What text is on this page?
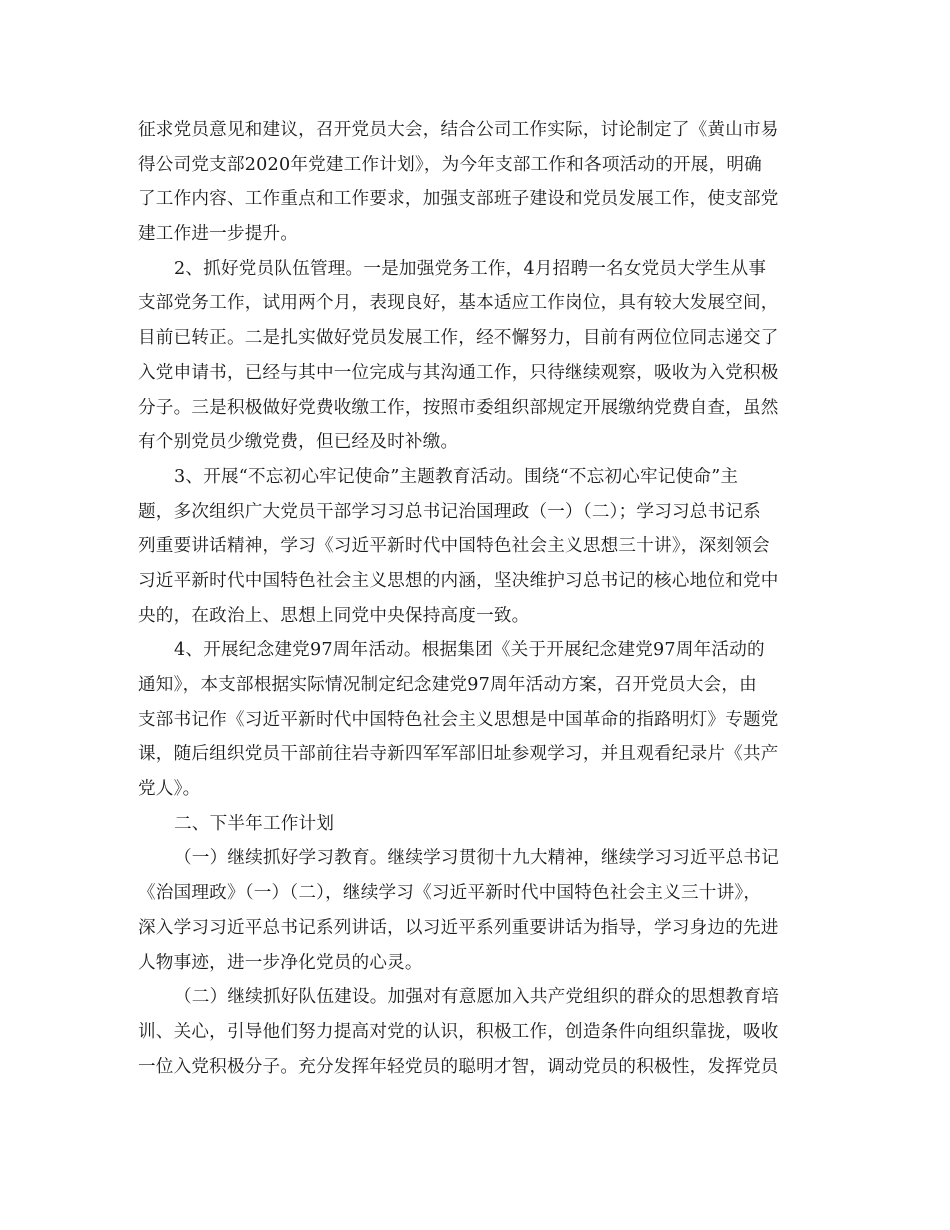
征求党员意见和建议，召开党员大会，结合公司工作实际，讨论制定了《黄山市易
得公司党支部2020年党建工作计划》，为今年支部工作和各项活动的开展，明确
了工作内容、工作重点和工作要求，加强支部班子建设和党员发展工作，使支部党
建工作进一步提升。
2、抓好党员队伍管理。一是加强党务工作，4月招聘一名女党员大学生从事
支部党务工作，试用两个月，表现良好，基本适应工作岗位，具有较大发展空间，
目前已转正。二是扎实做好党员发展工作，经不懈努力，目前有两位位同志递交了
入党申请书，已经与其中一位完成与其沟通工作，只待继续观察，吸收为入党积极
分子。三是积极做好党费收缴工作，按照市委组织部规定开展缴纳党费自查，虽然
有个别党员少缴党费，但已经及时补缴。
3、开展“不忘初心牢记使命”主题教育活动。围绕“不忘初心牢记使命”主
题，多次组织广大党员干部学习习总书记治国理政（一）（二）；学习习总书记系
列重要讲话精神，学习《习近平新时代中国特色社会主义思想三十讲》，深刻领会
习近平新时代中国特色社会主义思想的内涵，坚决维护习总书记的核心地位和党中
央的，在政治上、思想上同党中央保持高度一致。
4、开展纪念建党97周年活动。根据集团《关于开展纪念建党97周年活动的
通知》，本支部根据实际情况制定纪念建党97周年活动方案，召开党员大会，由
支部书记作《习近平新时代中国特色社会主义思想是中国革命的指路明灯》专题党
课，随后组织党员干部前往岩寺新四军军部旧址参观学习，并且观看纪录片《共产
党人》。
二、下半年工作计划
（一）继续抓好学习教育。继续学习贯彻十九大精神，继续学习习近平总书记
《治国理政》（一）（二），继续学习《习近平新时代中国特色社会主义三十讲》，
深入学习习近平总书记系列讲话，以习近平系列重要讲话为指导，学习身边的先进
人物事迹，进一步净化党员的心灵。
（二）继续抓好队伍建设。加强对有意愿加入共产党组织的群众的思想教育培
训、关心，引导他们努力提高对党的认识，积极工作，创造条件向组织靠拢，吸收
一位入党积极分子。充分发挥年轻党员的聪明才智，调动党员的积极性，发挥党员
